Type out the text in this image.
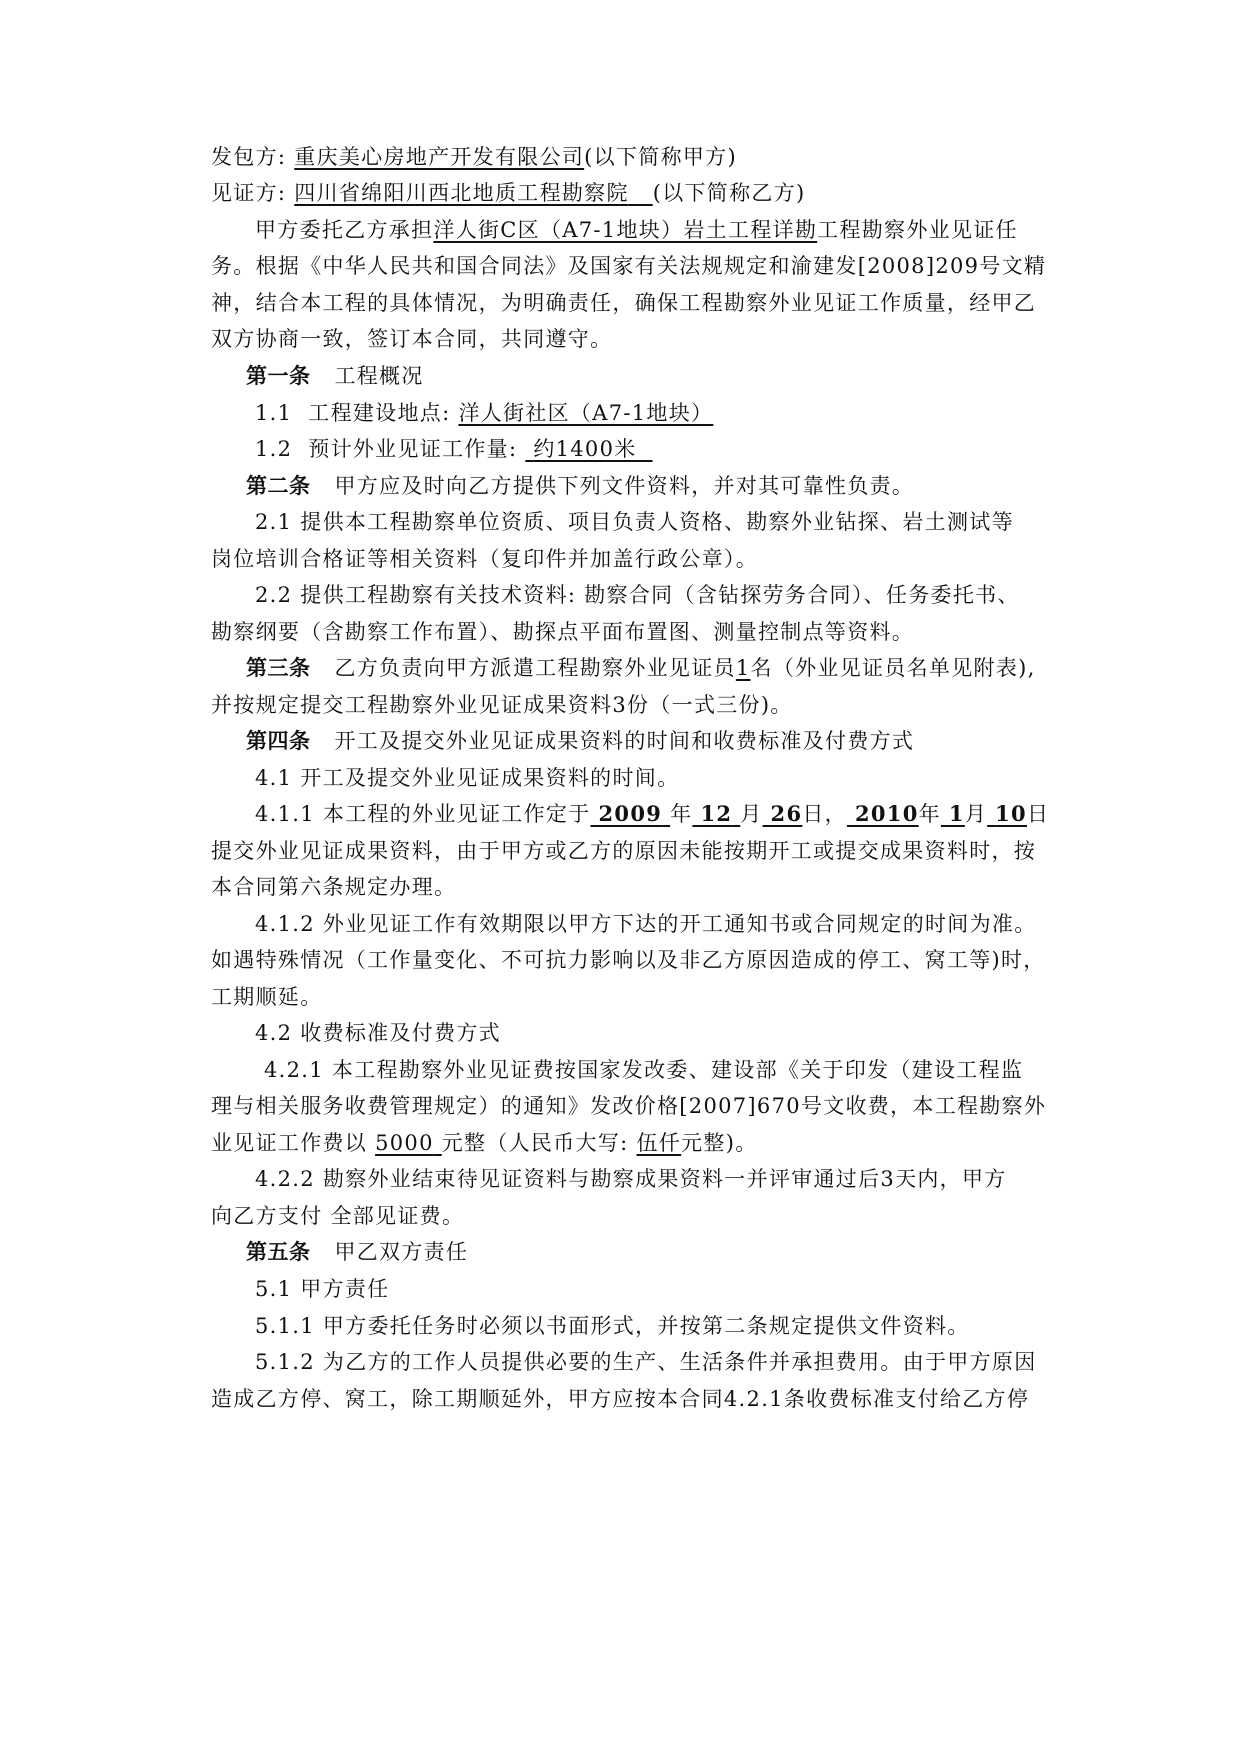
发包方: 重庆美心房地产开发有限公司(以下简称甲方)
见证方: 四川省绵阳川西北地质工程勘察院 (以下简称乙方)
甲方委托乙方承担洋人街C区（A7-1地块）岩土工程详勘工程勘察外业见证任
务。根据《中华人民共和国合同法》及国家有关法规规定和渝建发[2008]209号文精
神，结合本工程的具体情况，为明确责任，确保工程勘察外业见证工作质量，经甲乙
双方协商一致，签订本合同，共同遵守。
第一条 工程概况
1.1 工程建设地点: 洋人街社区（A7-1地块）
1.2 预计外业见证工作量: 约1400米
第二条 甲方应及时向乙方提供下列文件资料，并对其可靠性负责。
2.1 提供本工程勘察单位资质、项目负责人资格、勘察外业钻探、岩土测试等
岗位培训合格证等相关资料（复印件并加盖行政公章）。
2.2 提供工程勘察有关技术资料: 勘察合同（含钻探劳务合同）、任务委托书、
勘察纲要（含勘察工作布置）、勘探点平面布置图、测量控制点等资料。
第三条 乙方负责向甲方派遣工程勘察外业见证员1名（外业见证员名单见附表),
并按规定提交工程勘察外业见证成果资料3份（一式三份)。
第四条 开工及提交外业见证成果资料的时间和收费标准及付费方式
4.1 开工及提交外业见证成果资料的时间。
4.1.1 本工程的外业见证工作定于 2009 年 12 月 26日， 2010年 1月 10日
提交外业见证成果资料，由于甲方或乙方的原因未能按期开工或提交成果资料时，按
本合同第六条规定办理。
4.1.2 外业见证工作有效期限以甲方下达的开工通知书或合同规定的时间为准。
如遇特殊情况（工作量变化、不可抗力影响以及非乙方原因造成的停工、窝工等)时，
工期顺延。
4.2 收费标准及付费方式
4.2.1 本工程勘察外业见证费按国家发改委、建设部《关于印发（建设工程监
理与相关服务收费管理规定）的通知》发改价格[2007]670号文收费，本工程勘察外
业见证工作费以 5000 元整（人民币大写: 伍仟元整)。
4.2.2 勘察外业结束待见证资料与勘察成果资料一并评审通过后3天内，甲方
向乙方支付 全部见证费。
第五条 甲乙双方责任
5.1 甲方责任
5.1.1 甲方委托任务时必须以书面形式，并按第二条规定提供文件资料。
5.1.2 为乙方的工作人员提供必要的生产、生活条件并承担费用。由于甲方原因
造成乙方停、窝工，除工期顺延外，甲方应按本合同4.2.1条收费标准支付给乙方停
